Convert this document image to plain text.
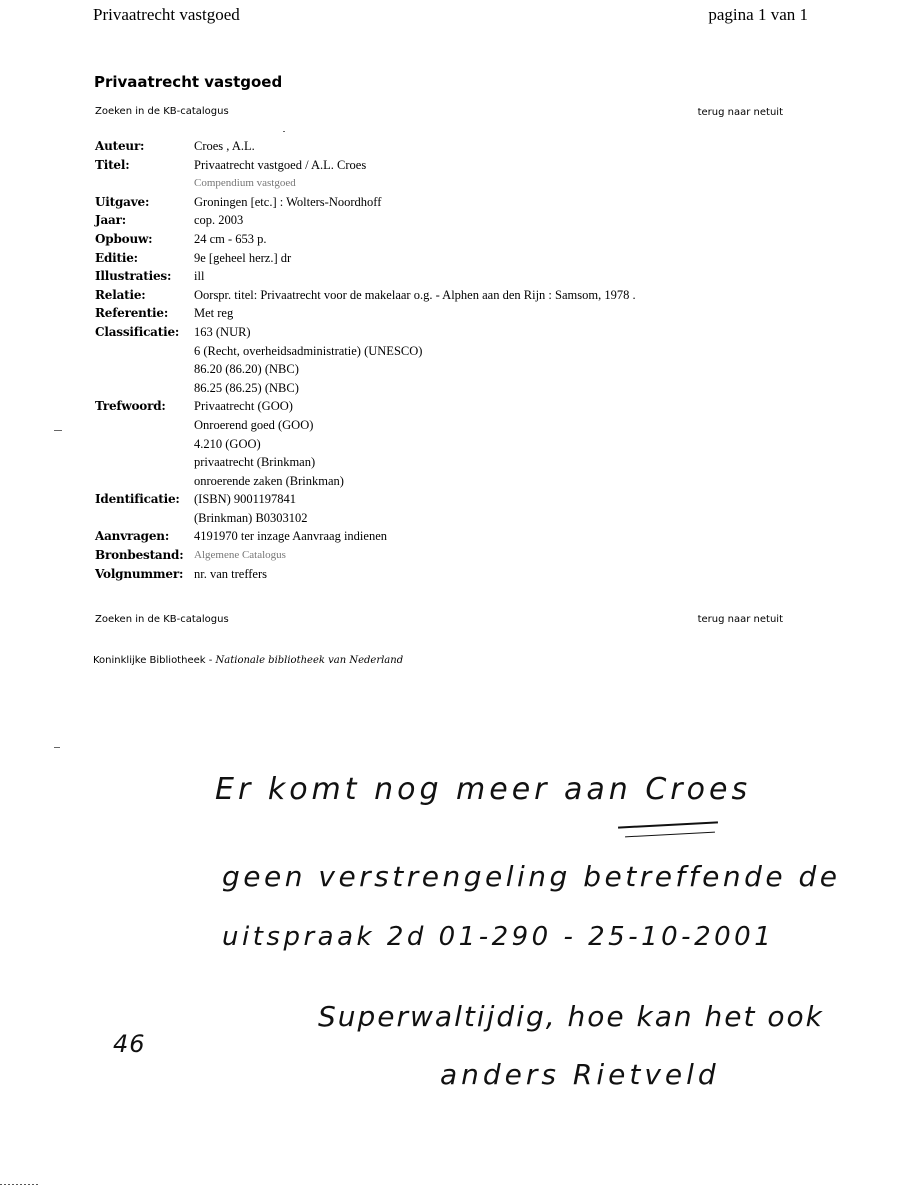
Privaatrecht vastgoed	pagina 1 van 1
Privaatrecht vastgoed
Zoeken in de KB-catalogus	terug naar netuit
Auteur:	Croes , A.L.
Titel:	Privaatrecht vastgoed / A.L. Croes
Compendium vastgoed
Uitgave:	Groningen [etc.] : Wolters-Noordhoff
Jaar:	cop. 2003
Opbouw:	24 cm - 653 p.
Editie:	9e [geheel herz.] dr
Illustraties: ill
Relatie:	Oorspr. titel: Privaatrecht voor de makelaar o.g. - Alphen aan den Rijn : Samsom, 1978 .
Referentie: Met reg
Classificatie: 163 (NUR)
6 (Recht, overheidsadministratie) (UNESCO)
86.20 (86.20) (NBC)
86.25 (86.25) (NBC)
Trefwoord: Privaatrecht (GOO)
Onroerend goed (GOO)
4.210 (GOO)
privaatrecht (Brinkman)
onroerende zaken (Brinkman)
Identificatie: (ISBN) 9001197841
(Brinkman) B0303102
Aanvragen: 4191970 ter inzage Aanvraag indienen
Bronbestand: Algemene Catalogus
Volgnummer: nr. van treffers
Zoeken in de KB-catalogus	terug naar netuit
Koninklijke Bibliotheek - Nationale bibliotheek van Nederland
Er komt nog meer aan Croes
geen verstrengeling betreffende de
uitspraak 2d 01-290 - 25-10-2001
Superwaltijdig, hoe kan het ook
anders Rietveld
46
